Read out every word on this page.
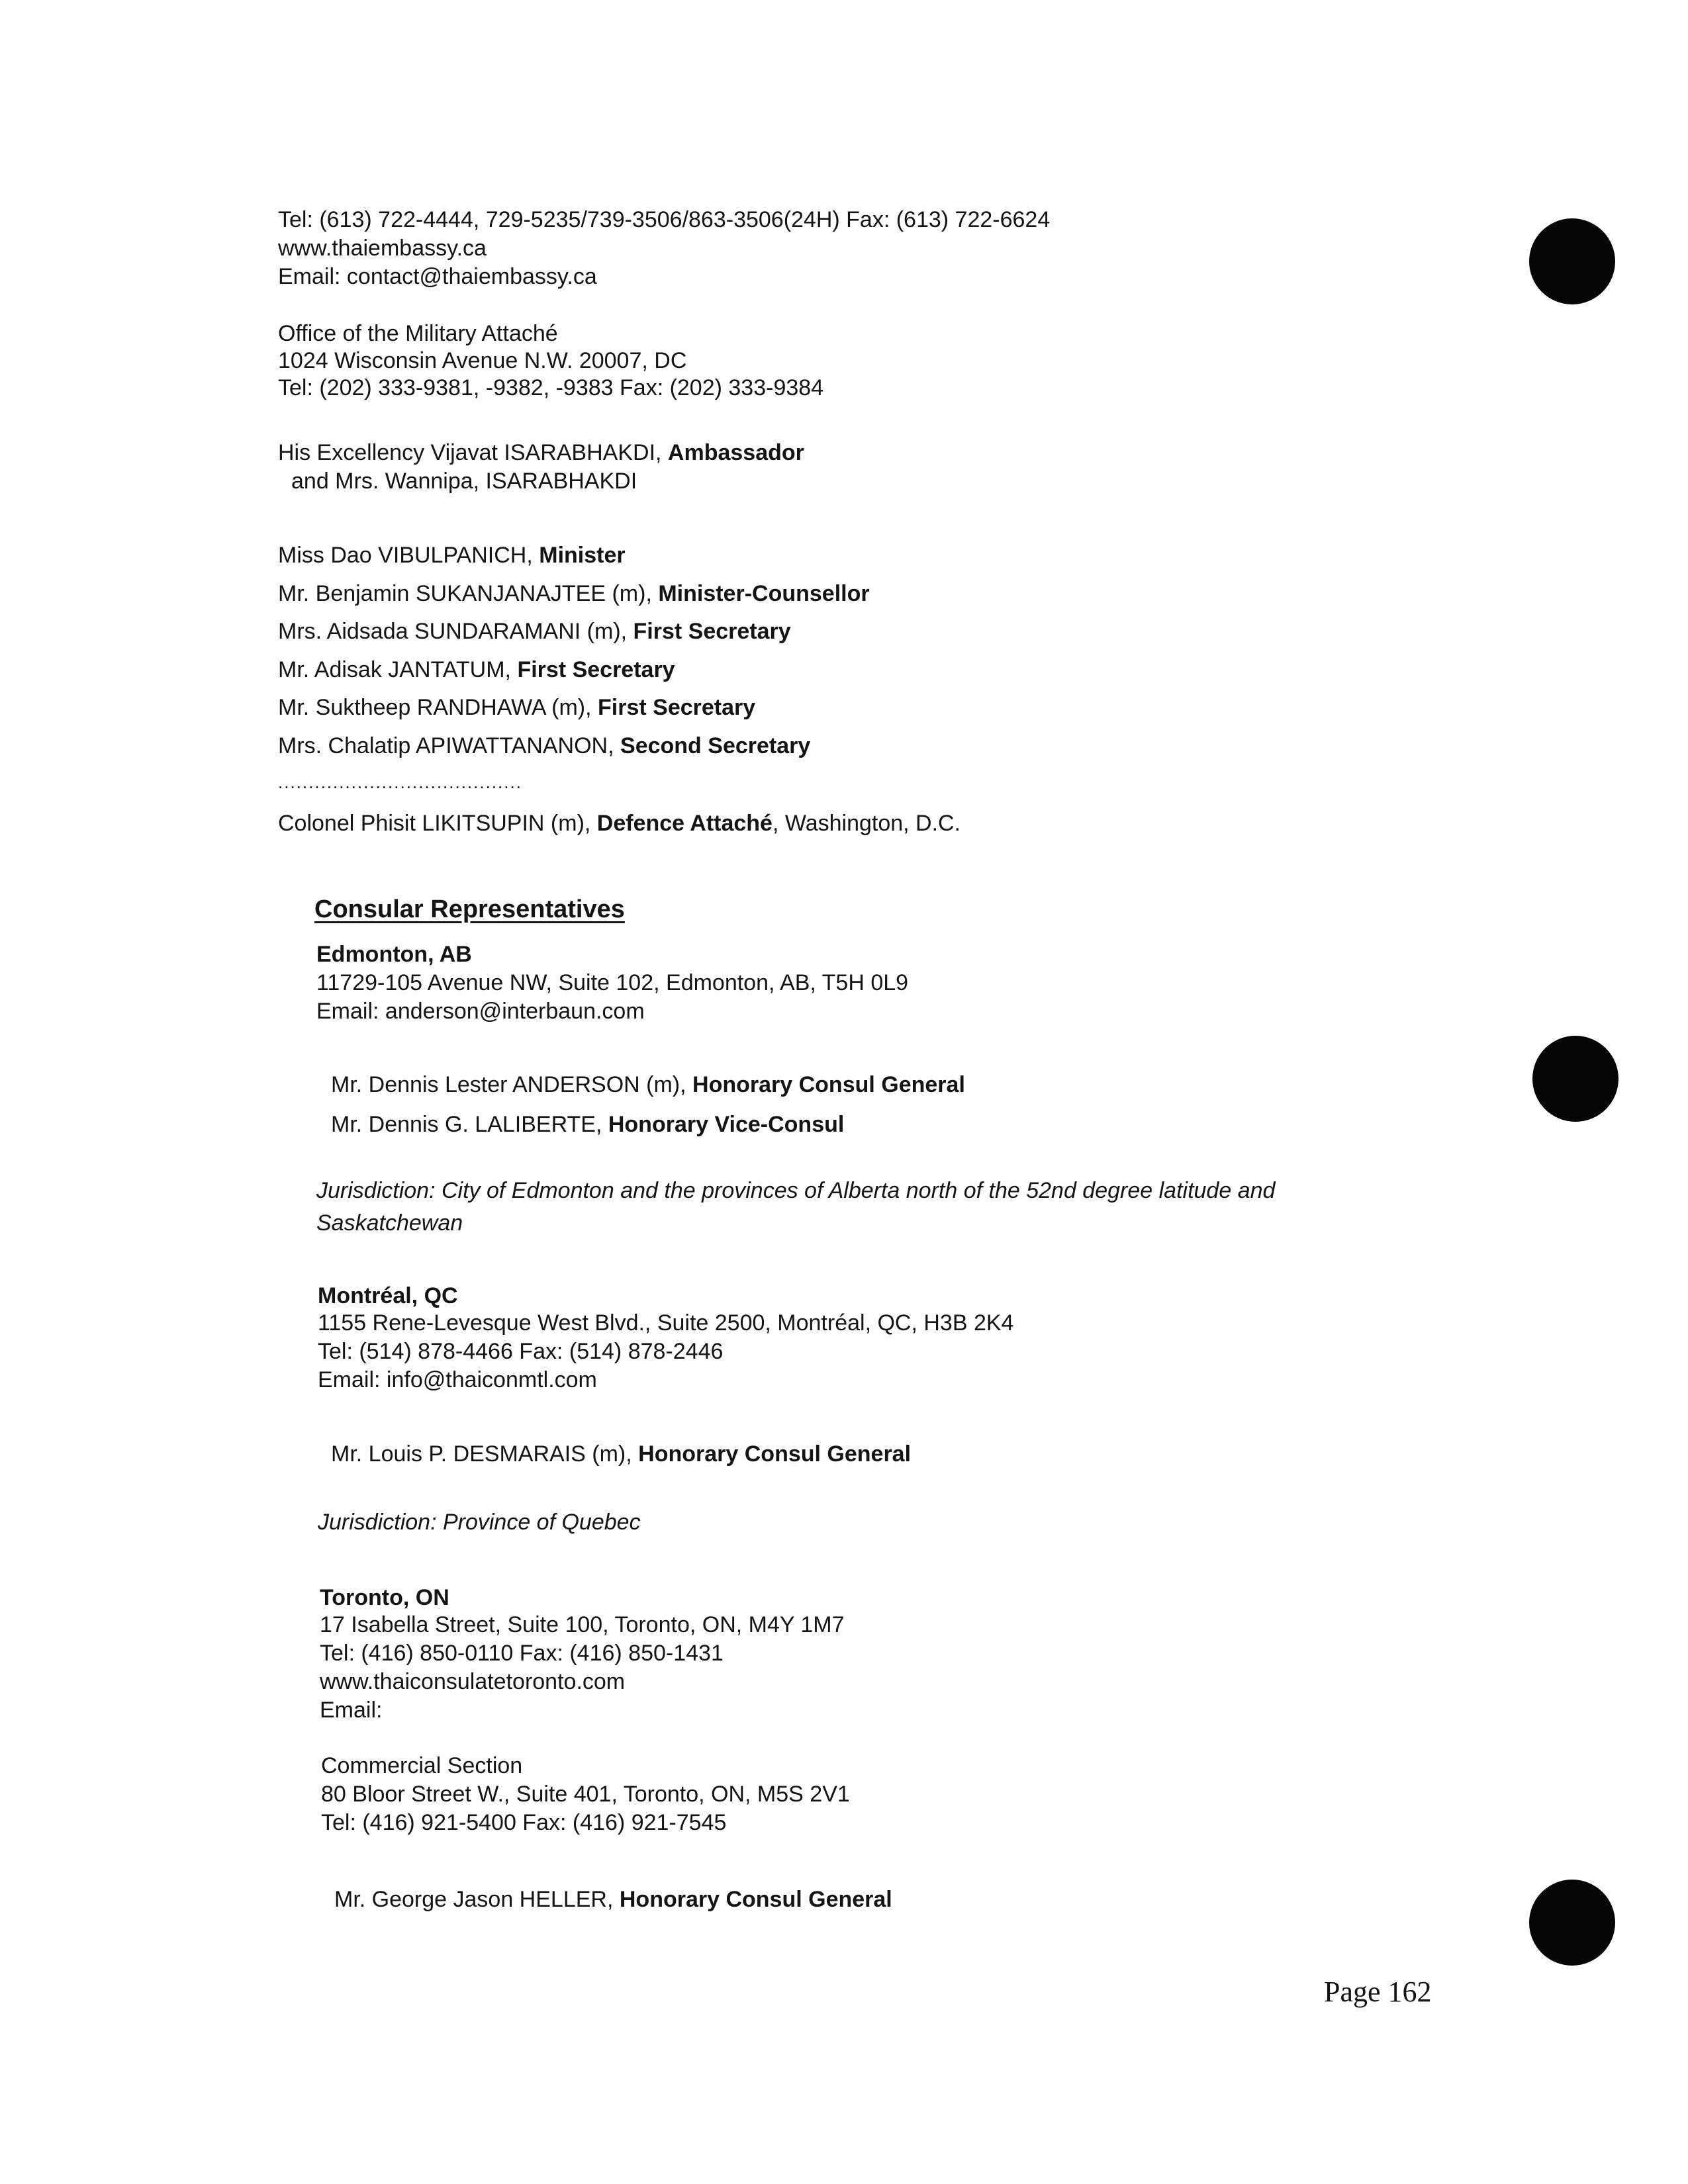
Tel: (613) 722-4444, 729-5235/739-3506/863-3506(24H) Fax: (613) 722-6624
www.thaiembassy.ca
Email: contact@thaiembassy.ca
Office of the Military Attaché
1024 Wisconsin Avenue N.W. 20007, DC
Tel: (202) 333-9381, -9382, -9383 Fax: (202) 333-9384
His Excellency Vijavat ISARABHAKDI, Ambassador
and Mrs. Wannipa, ISARABHAKDI
Miss Dao VIBULPANICH, Minister
Mr. Benjamin SUKANJANAJTEE (m), Minister-Counsellor
Mrs. Aidsada SUNDARAMANI (m), First Secretary
Mr. Adisak JANTATUM, First Secretary
Mr. Suktheep RANDHAWA (m), First Secretary
Mrs. Chalatip APIWATTANANON, Second Secretary
........................................
Colonel Phisit LIKITSUPIN (m), Defence Attaché, Washington, D.C.
Consular Representatives
Edmonton, AB
11729-105 Avenue NW, Suite 102, Edmonton, AB, T5H 0L9
Email: anderson@interbaun.com
Mr. Dennis Lester ANDERSON (m), Honorary Consul General
Mr. Dennis G. LALIBERTE, Honorary Vice-Consul
Jurisdiction: City of Edmonton and the provinces of Alberta north of the 52nd degree latitude and
Saskatchewan
Montréal, QC
1155 Rene-Levesque West Blvd., Suite 2500, Montréal, QC, H3B 2K4
Tel: (514) 878-4466 Fax: (514) 878-2446
Email: info@thaiconmtl.com
Mr. Louis P. DESMARAIS (m), Honorary Consul General
Jurisdiction: Province of Quebec
Toronto, ON
17 Isabella Street, Suite 100, Toronto, ON, M4Y 1M7
Tel: (416) 850-0110 Fax: (416) 850-1431
www.thaiconsulatetoronto.com
Email:
Commercial Section
80 Bloor Street W., Suite 401, Toronto, ON, M5S 2V1
Tel: (416) 921-5400 Fax: (416) 921-7545
Mr. George Jason HELLER, Honorary Consul General
Page 162
